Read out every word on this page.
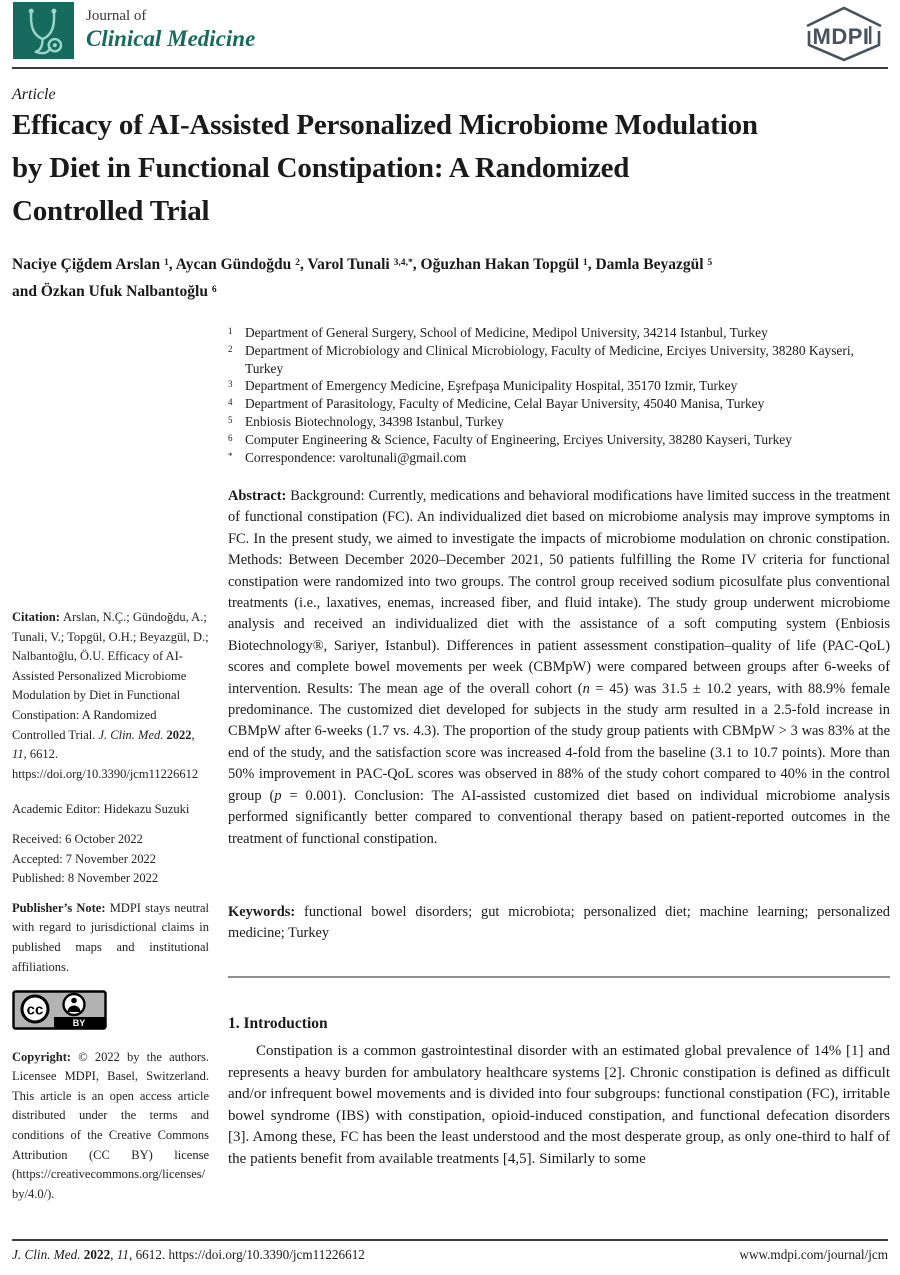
Journal of
Clinical Medicine	MDPI
Article
Efficacy of AI-Assisted Personalized Microbiome Modulation
by Diet in Functional Constipation: A Randomized
Controlled Trial
Naciye Çiğdem Arslan $^1$, Aycan Gündoğdu $^2$, Varol Tunali $^{3,4,*}$, Oğuzhan Hakan Topgül $^1$, Damla Beyazgül $^5$
and Özkan Ufuk Nalbantoğlu $^6$
1 Department of General Surgery, School of Medicine, Medipol University, 34214 Istanbul, Turkey
2 Department of Microbiology and Clinical Microbiology, Faculty of Medicine, Erciyes University, 38280 Kayseri, Turkey
3 Department of Emergency Medicine, Eşrefpaşa Municipality Hospital, 35170 Izmir, Turkey
4 Department of Parasitology, Faculty of Medicine, Celal Bayar University, 45040 Manisa, Turkey
5 Enbiosis Biotechnology, 34398 Istanbul, Turkey
6 Computer Engineering & Science, Faculty of Engineering, Erciyes University, 38280 Kayseri, Turkey
* Correspondence: varoltunali@gmail.com
Abstract: Background: Currently, medications and behavioral modifications have limited success in the treatment of functional constipation (FC). An individualized diet based on microbiome analysis may improve symptoms in FC. In the present study, we aimed to investigate the impacts of microbiome modulation on chronic constipation. Methods: Between December 2020–December 2021, 50 patients fulfilling the Rome IV criteria for functional constipation were randomized into two groups. The control group received sodium picosulfate plus conventional treatments (i.e., laxatives, enemas, increased fiber, and fluid intake). The study group underwent microbiome analysis and received an individualized diet with the assistance of a soft computing system (Enbiosis Biotechnology®, Sariyer, Istanbul). Differences in patient assessment constipation–quality of life (PAC-QoL) scores and complete bowel movements per week (CBMpW) were compared between groups after 6-weeks of intervention. Results: The mean age of the overall cohort (n = 45) was 31.5 ± 10.2 years, with 88.9% female predominance. The customized diet developed for subjects in the study arm resulted in a 2.5-fold increase in CBMpW after 6-weeks (1.7 vs. 4.3). The proportion of the study group patients with CBMpW > 3 was 83% at the end of the study, and the satisfaction score was increased 4-fold from the baseline (3.1 to 10.7 points). More than 50% improvement in PAC-QoL scores was observed in 88% of the study cohort compared to 40% in the control group (p = 0.001). Conclusion: The AI-assisted customized diet based on individual microbiome analysis performed significantly better compared to conventional therapy based on patient-reported outcomes in the treatment of functional constipation.
Keywords: functional bowel disorders; gut microbiota; personalized diet; machine learning; personalized medicine; Turkey
1. Introduction
Constipation is a common gastrointestinal disorder with an estimated global prevalence of 14% [1] and represents a heavy burden for ambulatory healthcare systems [2]. Chronic constipation is defined as difficult and/or infrequent bowel movements and is divided into four subgroups: functional constipation (FC), irritable bowel syndrome (IBS) with constipation, opioid-induced constipation, and functional defecation disorders [3]. Among these, FC has been the least understood and the most desperate group, as only one-third to half of the patients benefit from available treatments [4,5]. Similarly to some
Citation: Arslan, N.Ç.; Gündoğdu, A.; Tunali, V.; Topgül, O.H.; Beyazgül, D.; Nalbantoğlu, Ö.U. Efficacy of AI-Assisted Personalized Microbiome Modulation by Diet in Functional Constipation: A Randomized Controlled Trial. J. Clin. Med. 2022, 11, 6612. https://doi.org/10.3390/jcm11226612
Academic Editor: Hidekazu Suzuki
Received: 6 October 2022
Accepted: 7 November 2022
Published: 8 November 2022
Publisher’s Note: MDPI stays neutral with regard to jurisdictional claims in published maps and institutional affiliations.
cc
BY
Copyright: © 2022 by the authors. Licensee MDPI, Basel, Switzerland. This article is an open access article distributed under the terms and conditions of the Creative Commons Attribution (CC BY) license (https://creativecommons.org/licenses/by/4.0/).
J. Clin. Med. 2022, 11, 6612. https://doi.org/10.3390/jcm11226612	www.mdpi.com/journal/jcm
